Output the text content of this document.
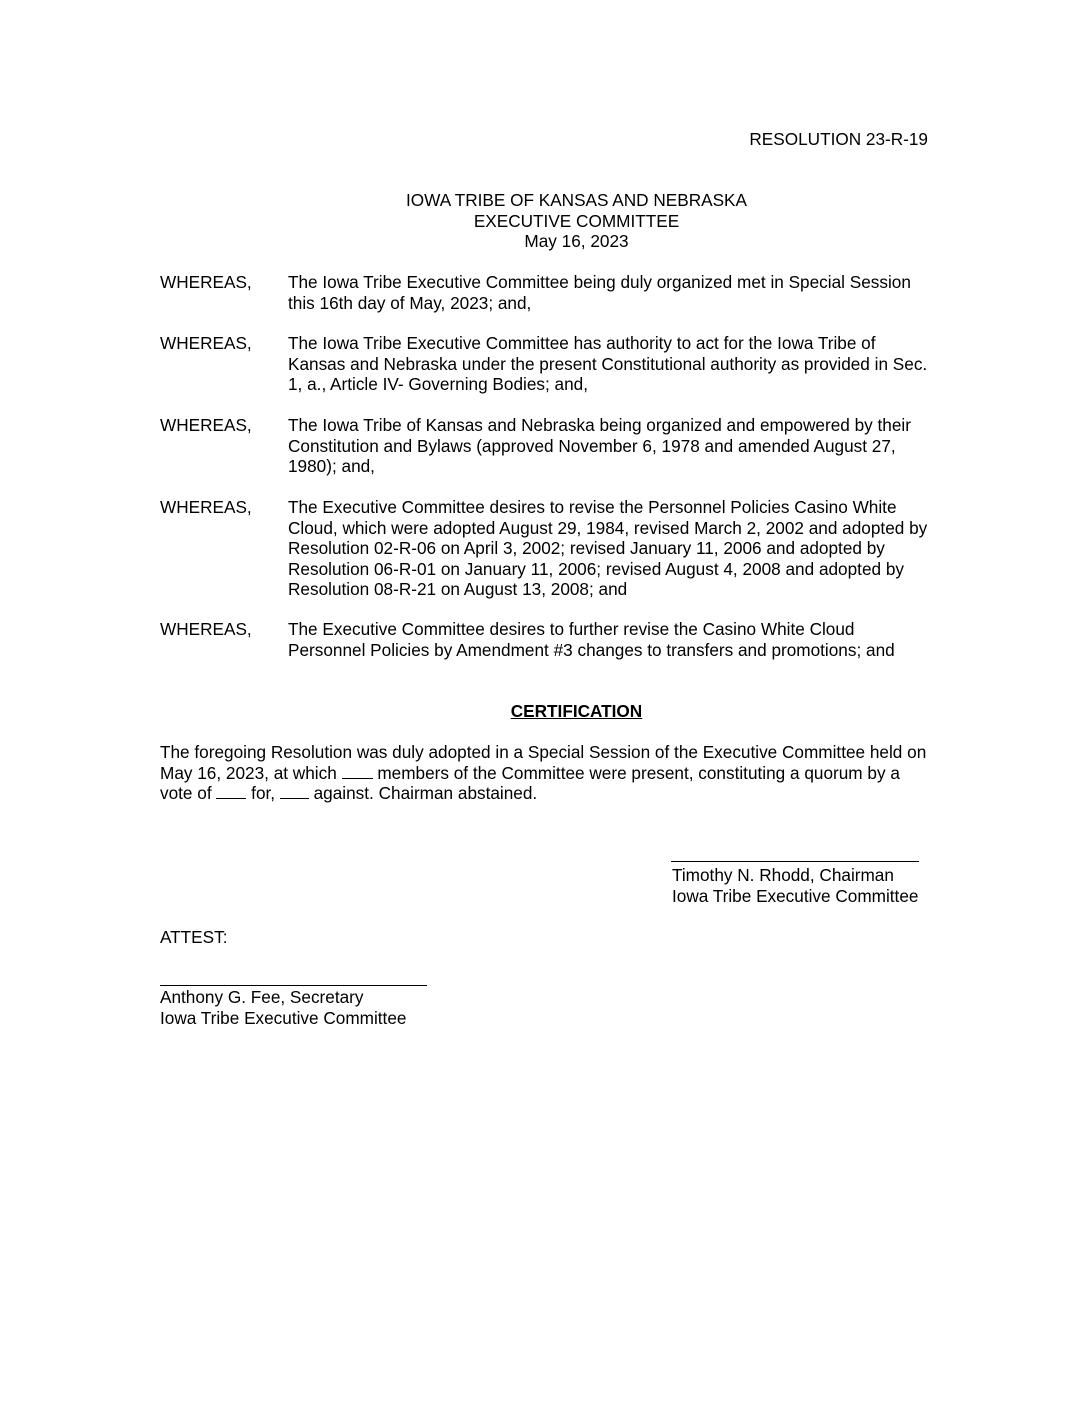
RESOLUTION 23-R-19
IOWA TRIBE OF KANSAS AND NEBRASKA
EXECUTIVE COMMITTEE
May 16, 2023
WHEREAS, The Iowa Tribe Executive Committee being duly organized met in Special Session this 16th day of May, 2023; and,
WHEREAS, The Iowa Tribe Executive Committee has authority to act for the Iowa Tribe of Kansas and Nebraska under the present Constitutional authority as provided in Sec. 1, a., Article IV- Governing Bodies; and,
WHEREAS, The Iowa Tribe of Kansas and Nebraska being organized and empowered by their Constitution and Bylaws (approved November 6, 1978 and amended August 27, 1980); and,
WHEREAS, The Executive Committee desires to revise the Personnel Policies Casino White Cloud, which were adopted August 29, 1984, revised March 2, 2002 and adopted by Resolution 02-R-06 on April 3, 2002; revised January 11, 2006 and adopted by Resolution 06-R-01 on January 11, 2006; revised August 4, 2008 and adopted by Resolution 08-R-21 on August 13, 2008; and
WHEREAS, The Executive Committee desires to further revise the Casino White Cloud Personnel Policies by Amendment #3 changes to transfers and promotions; and
CERTIFICATION
The foregoing Resolution was duly adopted in a Special Session of the Executive Committee held on May 16, 2023, at which members of the Committee were present, constituting a quorum by a vote of for, against. Chairman abstained.
Timothy N. Rhodd, Chairman
Iowa Tribe Executive Committee
ATTEST:
Anthony G. Fee, Secretary
Iowa Tribe Executive Committee
